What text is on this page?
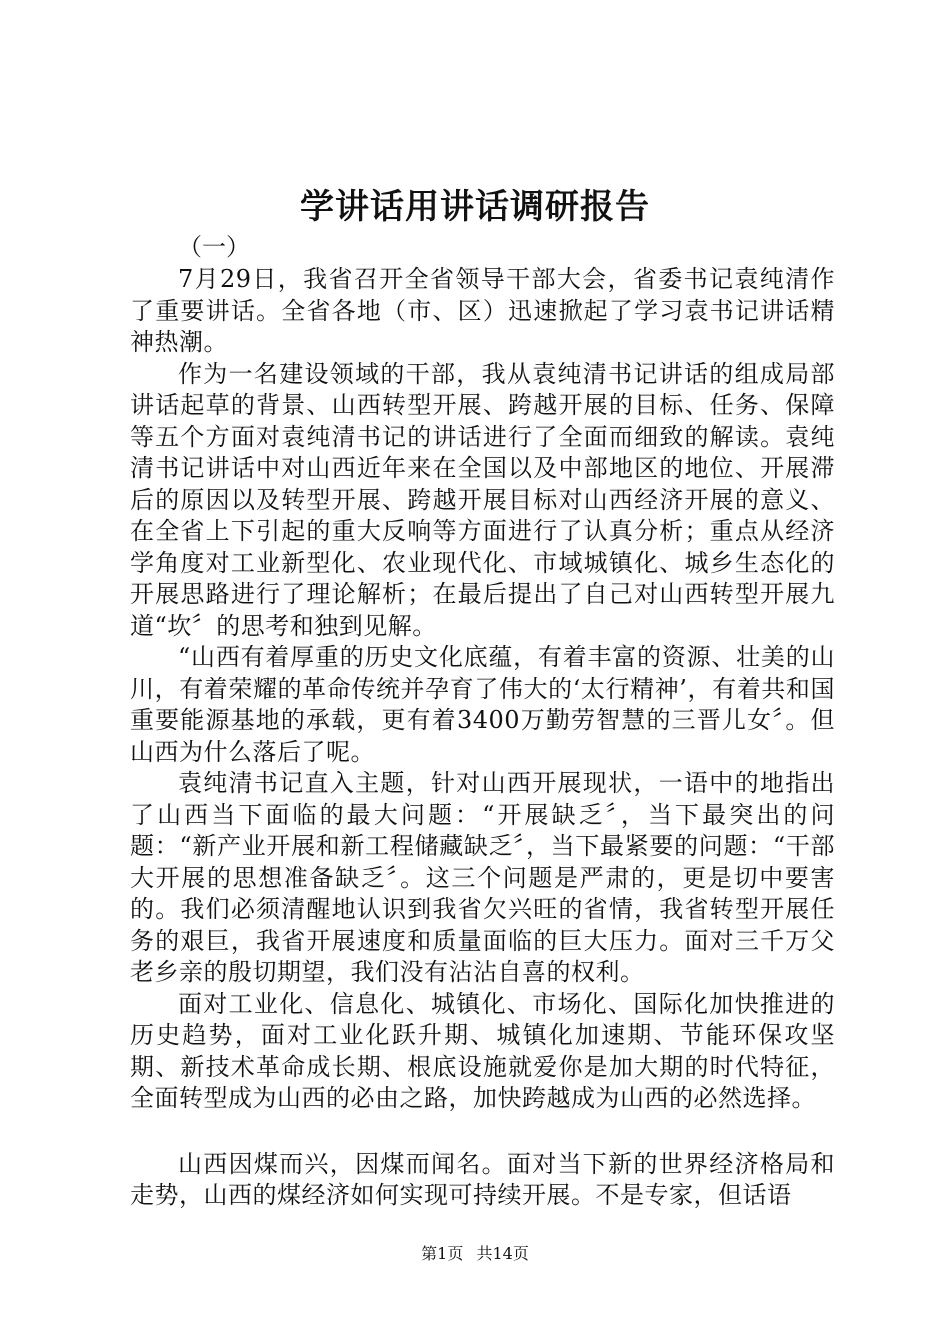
学讲话用讲话调研报告

（一）

7月29日，我省召开全省领导干部大会，省委书记袁纯清作了重要讲话。全省各地（市、区）迅速掀起了学习袁书记讲话精神热潮。

作为一名建设领域的干部，我从袁纯清书记讲话的组成局部讲话起草的背景、山西转型开展、跨越开展的目标、任务、保障等五个方面对袁纯清书记的讲话进行了全面而细致的解读。袁纯清书记讲话中对山西近年来在全国以及中部地区的地位、开展滞后的原因以及转型开展、跨越开展目标对山西经济开展的意义、在全省上下引起的重大反响等方面进行了认真分析；重点从经济学角度对工业新型化、农业现代化、市域城镇化、城乡生态化的开展思路进行了理论解析；在最后提出了自己对山西转型开展九道“坎〞的思考和独到见解。

“山西有着厚重的历史文化底蕴，有着丰富的资源、壮美的山川，有着荣耀的革命传统并孕育了伟大的‘太行精神’，有着共和国重要能源基地的承载，更有着3400万勤劳智慧的三晋儿女〞。但山西为什么落后了呢。

袁纯清书记直入主题，针对山西开展现状，一语中的地指出了山西当下面临的最大问题：“开展缺乏〞，当下最突出的问题：“新产业开展和新工程储藏缺乏〞，当下最紧要的问题：“干部大开展的思想准备缺乏〞。这三个问题是严肃的，更是切中要害的。我们必须清醒地认识到我省欠兴旺的省情，我省转型开展任务的艰巨，我省开展速度和质量面临的巨大压力。面对三千万父老乡亲的殷切期望，我们没有沾沾自喜的权利。

面对工业化、信息化、城镇化、市场化、国际化加快推进的历史趋势，面对工业化跃升期、城镇化加速期、节能环保攻坚期、新技术革命成长期、根底设施就爱你是加大期的时代特征，全面转型成为山西的必由之路，加快跨越成为山西的必然选择。

山西因煤而兴，因煤而闻名。面对当下新的世界经济格局和走势，山西的煤经济如何实现可持续开展。不是专家，但话语

第1页 共14页
